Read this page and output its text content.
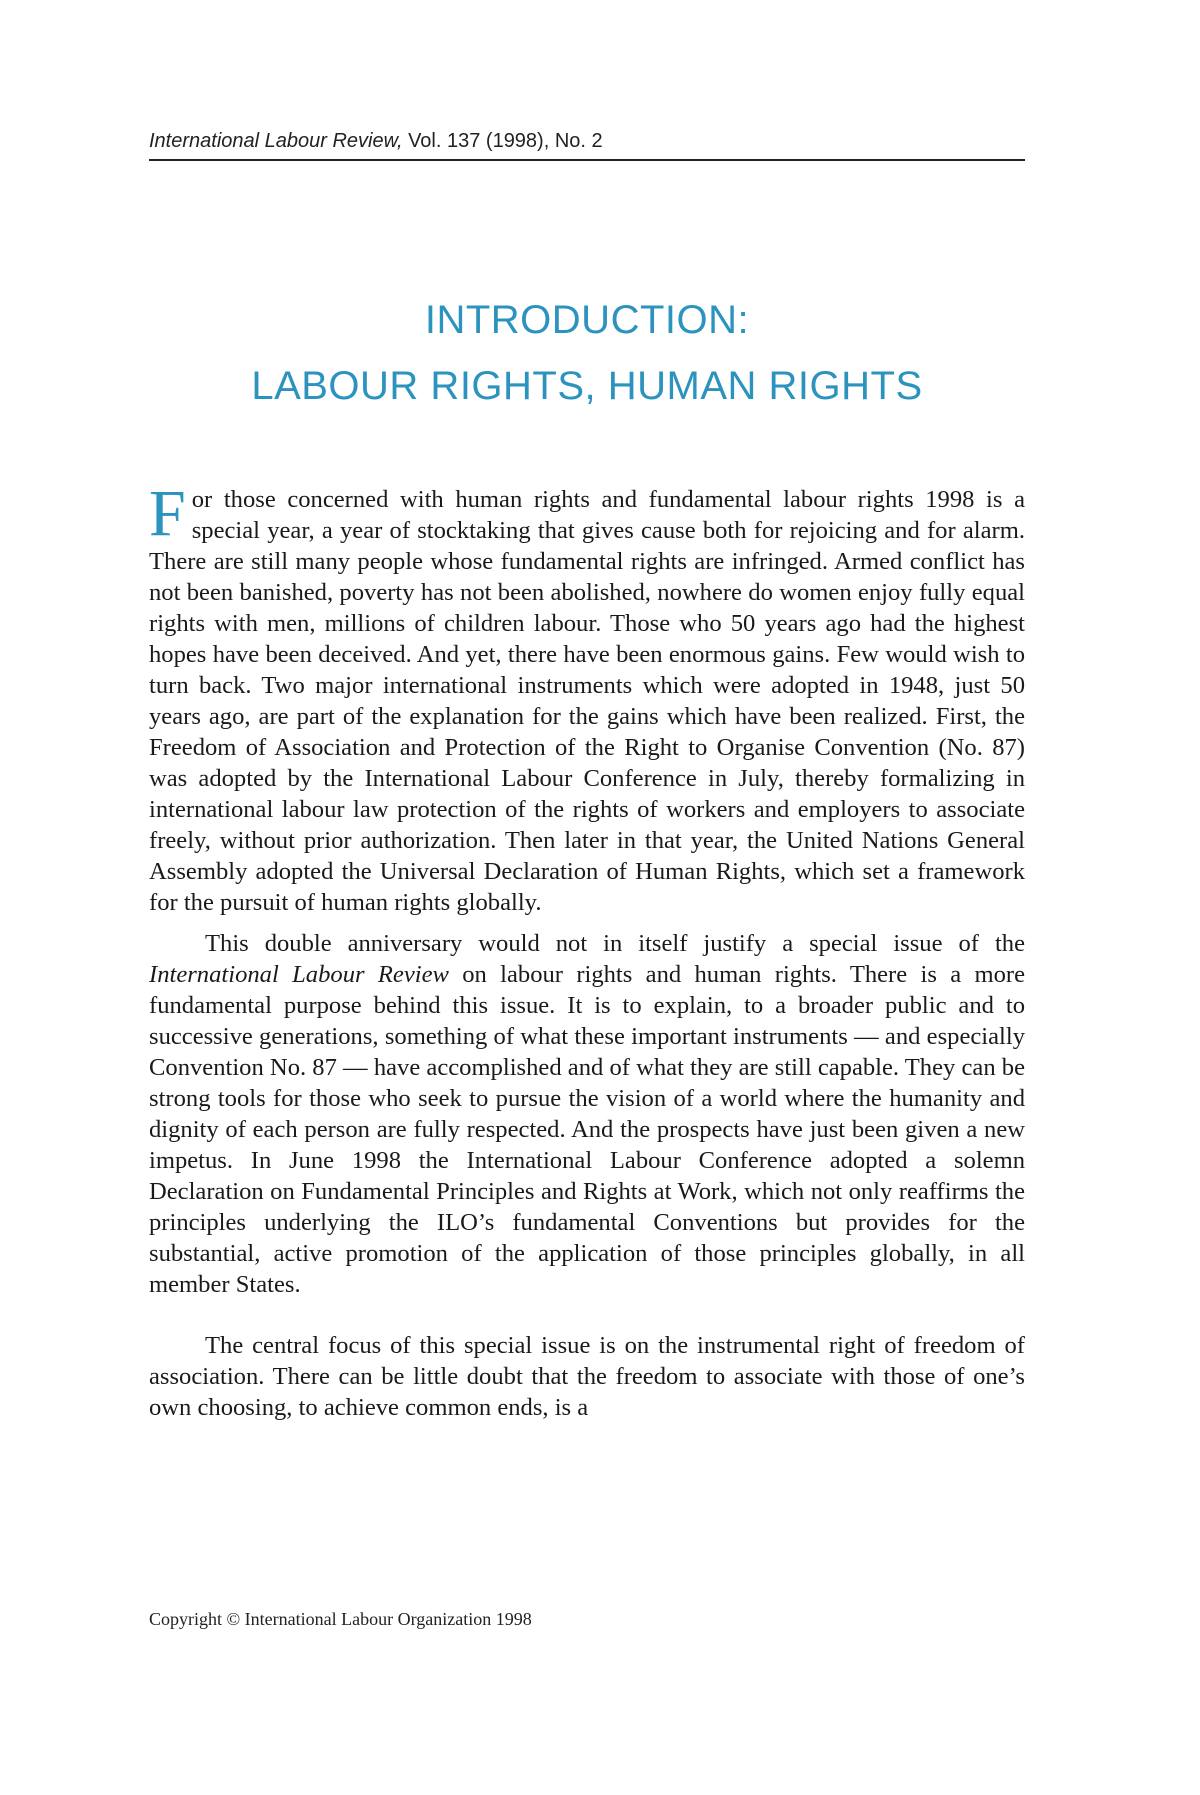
International Labour Review, Vol. 137 (1998), No. 2
INTRODUCTION:
LABOUR RIGHTS, HUMAN RIGHTS

For those concerned with human rights and fundamental labour rights 1998 is a special year, a year of stocktaking that gives cause both for rejoicing and for alarm. There are still many people whose fundamental rights are infringed. Armed conflict has not been banished, poverty has not been abolished, nowhere do women enjoy fully equal rights with men, millions of children labour. Those who 50 years ago had the highest hopes have been deceived. And yet, there have been enormous gains. Few would wish to turn back. Two major international instruments which were adopted in 1948, just 50 years ago, are part of the explanation for the gains which have been realized. First, the Freedom of Association and Protection of the Right to Organise Convention (No. 87) was adopted by the International Labour Conference in July, thereby formalizing in international labour law protection of the rights of workers and employers to associate freely, without prior authorization. Then later in that year, the United Nations General Assembly adopted the Universal Declaration of Human Rights, which set a framework for the pursuit of human rights globally.

This double anniversary would not in itself justify a special issue of the International Labour Review on labour rights and human rights. There is a more fundamental purpose behind this issue. It is to explain, to a broader public and to successive generations, something of what these important instruments — and especially Convention No. 87 — have accomplished and of what they are still capable. They can be strong tools for those who seek to pursue the vision of a world where the humanity and dignity of each person are fully respected. And the prospects have just been given a new impetus. In June 1998 the International Labour Conference adopted a solemn Declaration on Fundamental Principles and Rights at Work, which not only reaffirms the principles underlying the ILO’s fundamental Conventions but provides for the substantial, active promotion of the application of those principles globally, in all member States.

The central focus of this special issue is on the instrumental right of freedom of association. There can be little doubt that the freedom to associate with those of one’s own choosing, to achieve common ends, is a

Copyright © International Labour Organization 1998
